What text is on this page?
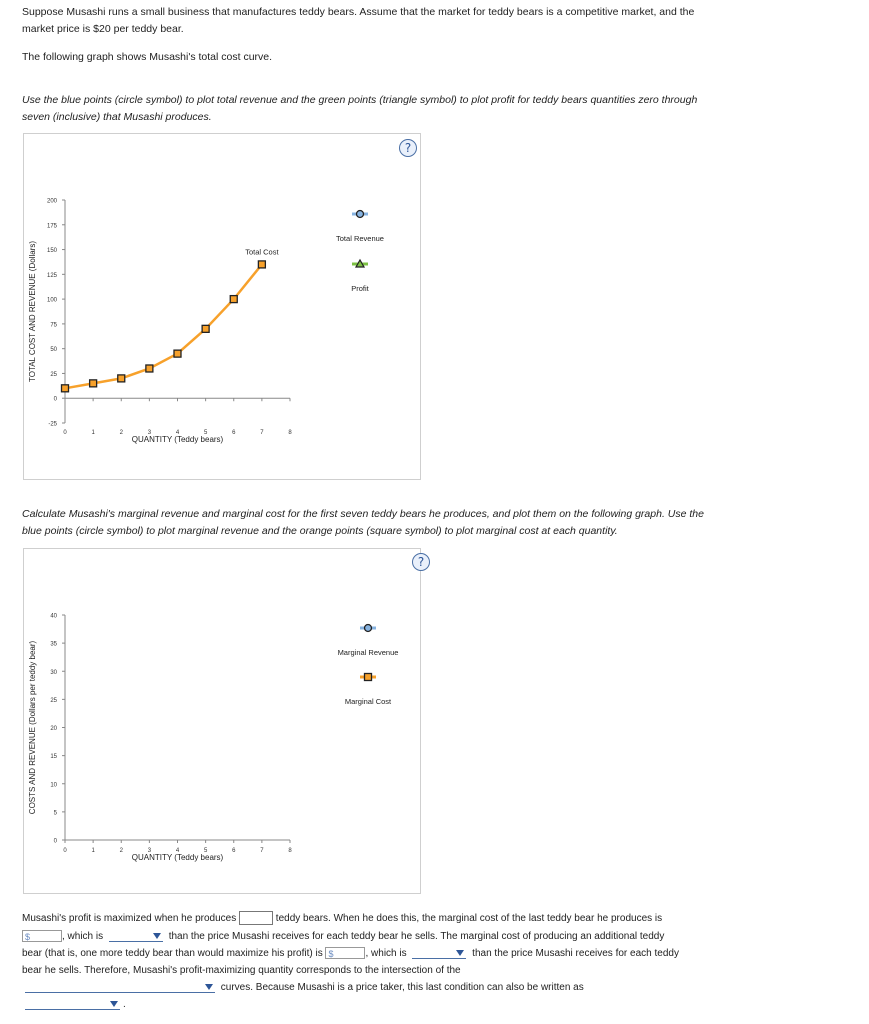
Suppose Musashi runs a small business that manufactures teddy bears. Assume that the market for teddy bears is a competitive market, and the

market price is $20 per teddy bear.

The following graph shows Musashi's total cost curve.

Use the blue points (circle symbol) to plot total revenue and the green points (triangle symbol) to plot profit for teddy bears quantities zero through

seven (inclusive) that Musashi produces.

?
200
175
150
125
100
75
50
25
0
-25
0	1	2	3	4	5	6	7	8
QUANTITY (Teddy bears)
TOTAL COST AND REVENUE (Dollars)	Total Cost
Total Revenue
Profit

Calculate Musashi's marginal revenue and marginal cost for the first seven teddy bears he produces, and plot them on the following graph. Use the

blue points (circle symbol) to plot marginal revenue and the orange points (square symbol) to plot marginal cost at each quantity.

?
40
35
30
25
20
15
10
5
0
0	1	2	3	4	5	6	7	8
QUANTITY (Teddy bears)
COSTS AND REVENUE (Dollars per teddy bear)	Marginal Revenue
Marginal Cost
Musashi's profit is maximized when he produces	teddy bears. When he does this, the marginal cost of the last teddy bear he produces is
$	, which is	than the price Musashi receives for each teddy bear he sells. The marginal cost of producing an additional teddy
bear (that is, one more teddy bear than would maximize his profit) is $	, which is	than the price Musashi receives for each teddy
bear he sells. Therefore, Musashi's profit-maximizing quantity corresponds to the intersection of the
curves. Because Musashi is a price taker, this last condition can also be written as
.
